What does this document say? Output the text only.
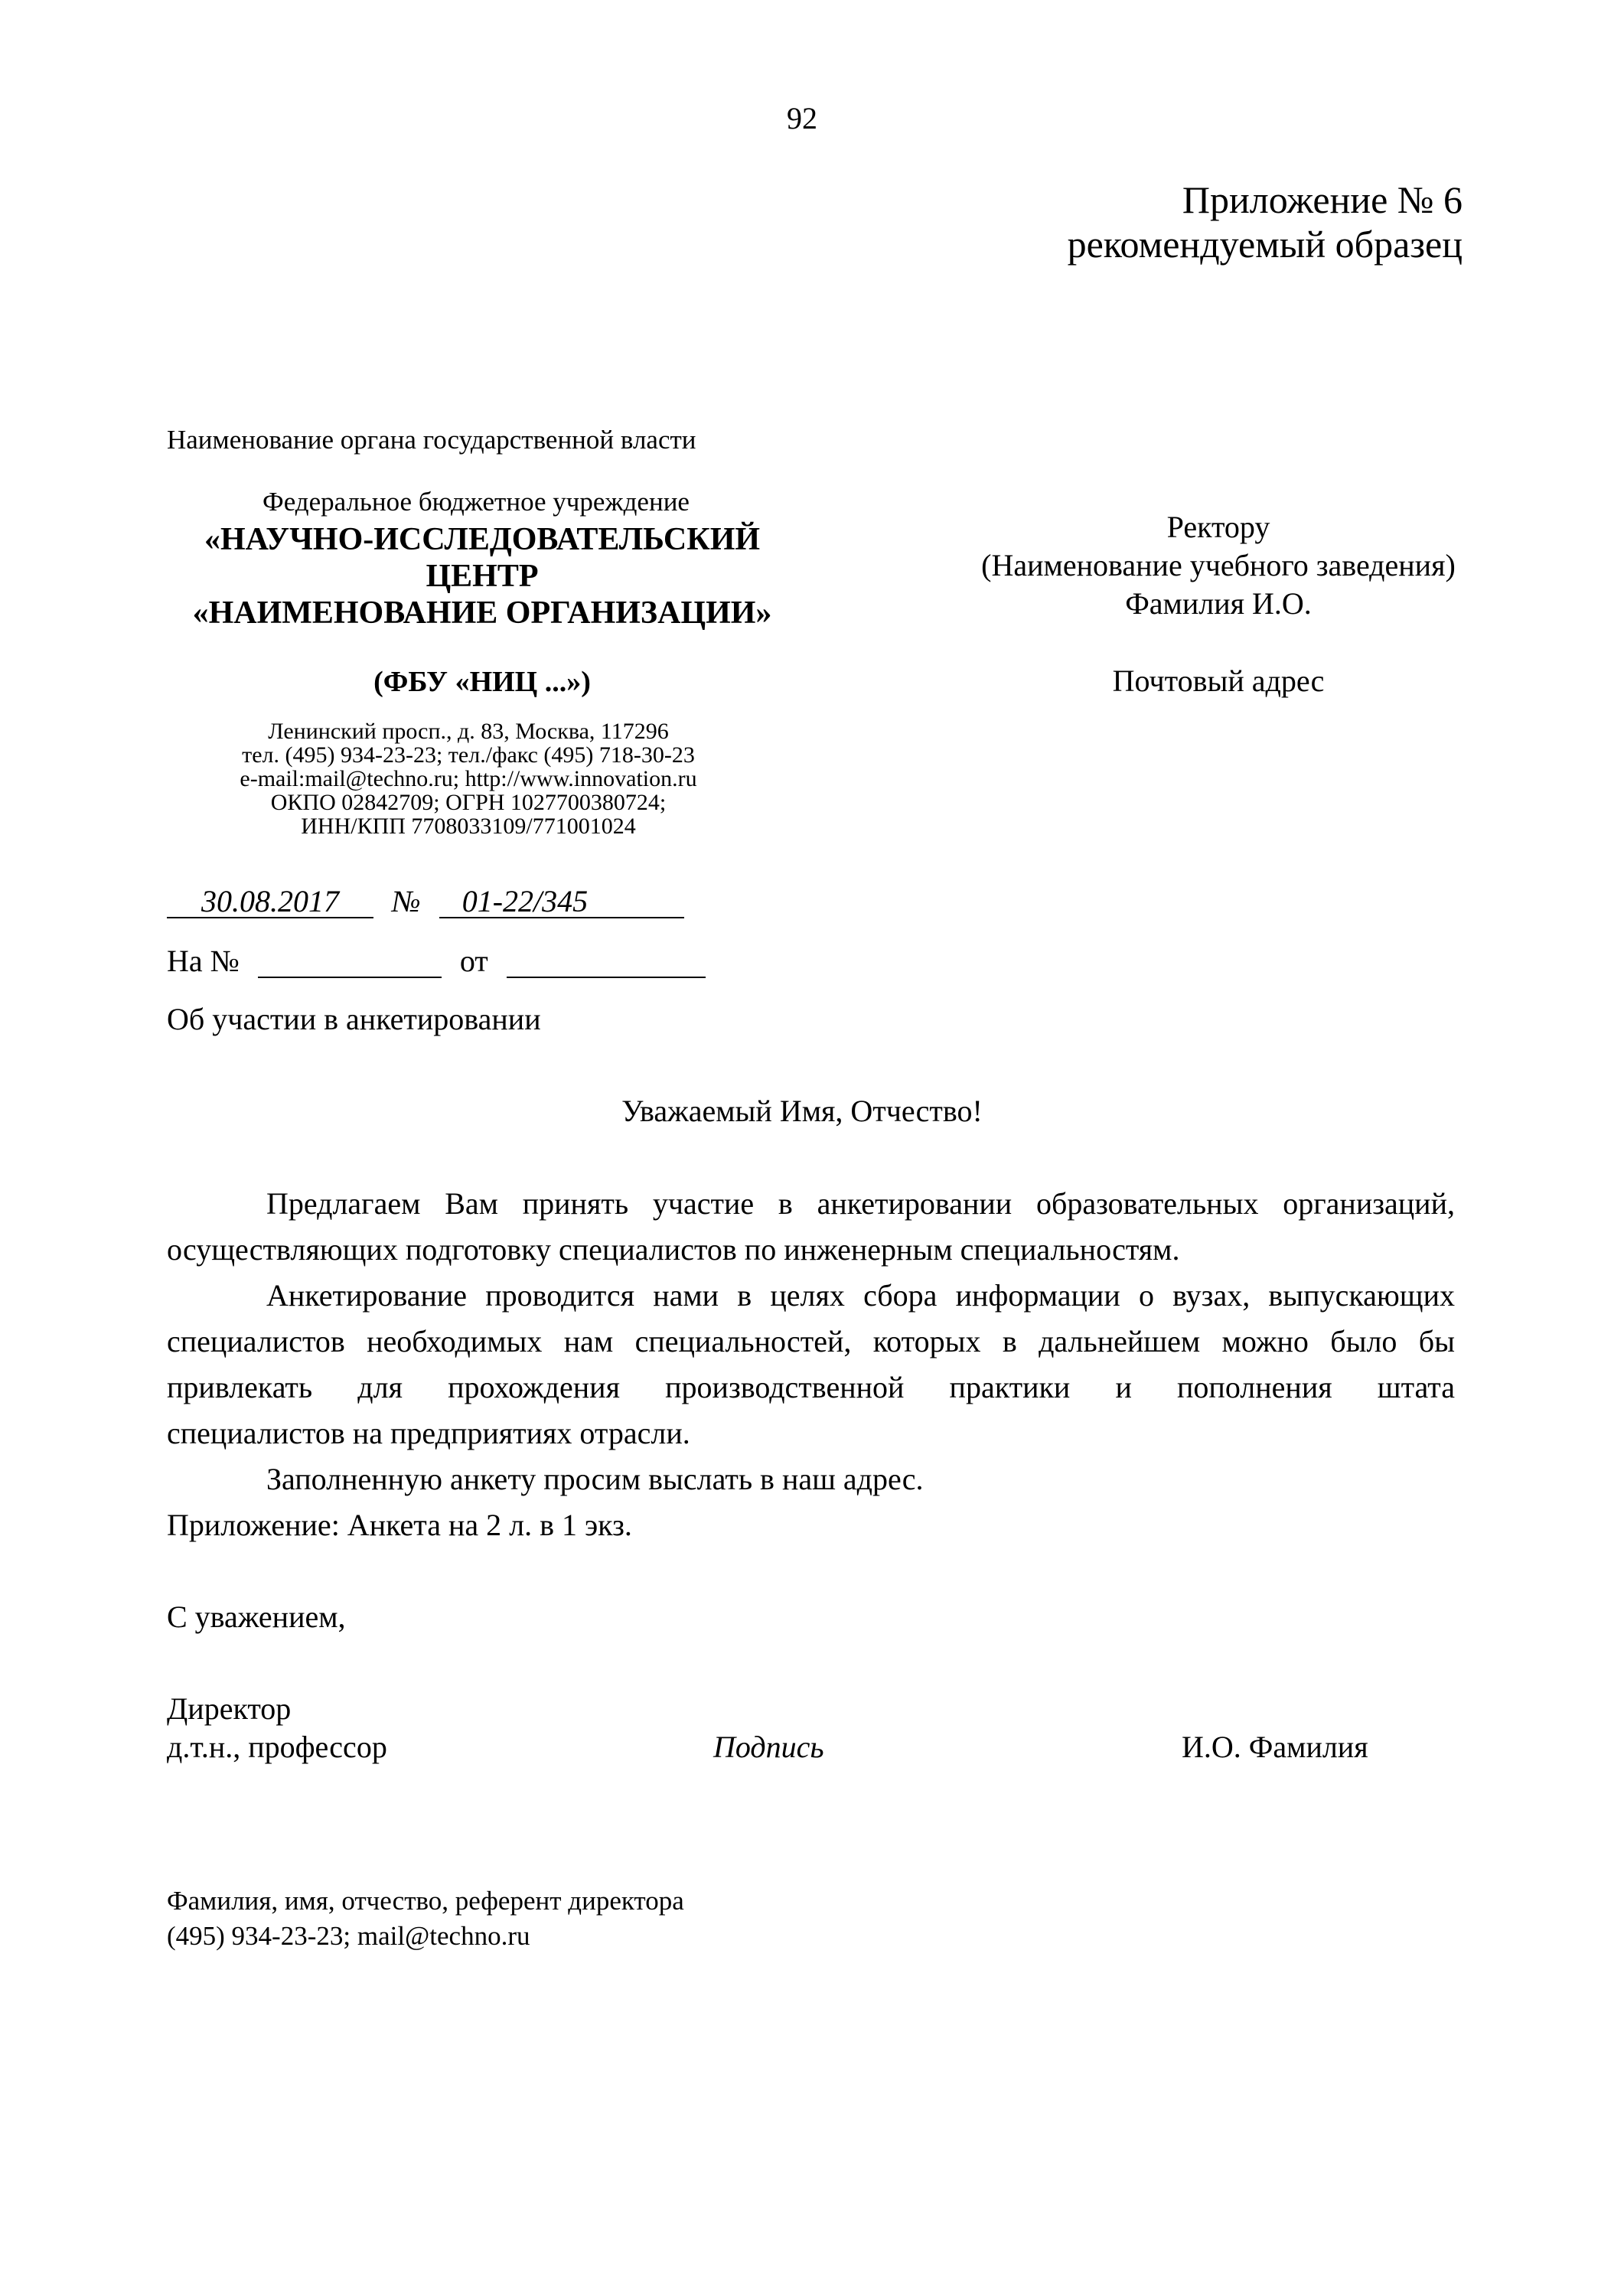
92
Приложение № 6
рекомендуемый образец
Наименование органа государственной власти
Федеральное бюджетное учреждение
«НАУЧНО-ИССЛЕДОВАТЕЛЬСКИЙ
ЦЕНТР
«НАИМЕНОВАНИЕ ОРГАНИЗАЦИИ»
(ФБУ «НИЦ ...»)
Ленинский просп., д. 83, Москва, 117296
тел. (495) 934-23-23; тел./факс (495) 718-30-23
e-mail:mail@techno.ru; http://www.innovation.ru
ОКПО 02842709; ОГРН 1027700380724;
ИНН/КПП 7708033109/771001024
Ректору
(Наименование учебного заведения)
Фамилия И.О.
Почтовый адрес
30.08.2017 № 01-22/345
На №	от
Об участии в анкетировании
Уважаемый Имя, Отчество!
Предлагаем Вам принять участие в анкетировании образовательных организаций,
осуществляющих подготовку специалистов по инженерным специальностям.
Анкетирование проводится нами в целях сбора информации о вузах, выпускающих
специалистов необходимых нам специальностей, которых в дальнейшем можно было бы
привлекать для прохождения производственной практики и пополнения штата
специалистов на предприятиях отрасли.
Заполненную анкету просим выслать в наш адрес.
Приложение: Анкета на 2 л. в 1 экз.
С уважением,
Директор
д.т.н., профессор	Подпись	И.О. Фамилия
Фамилия, имя, отчество, референт директора
(495) 934-23-23; mail@techno.ru
